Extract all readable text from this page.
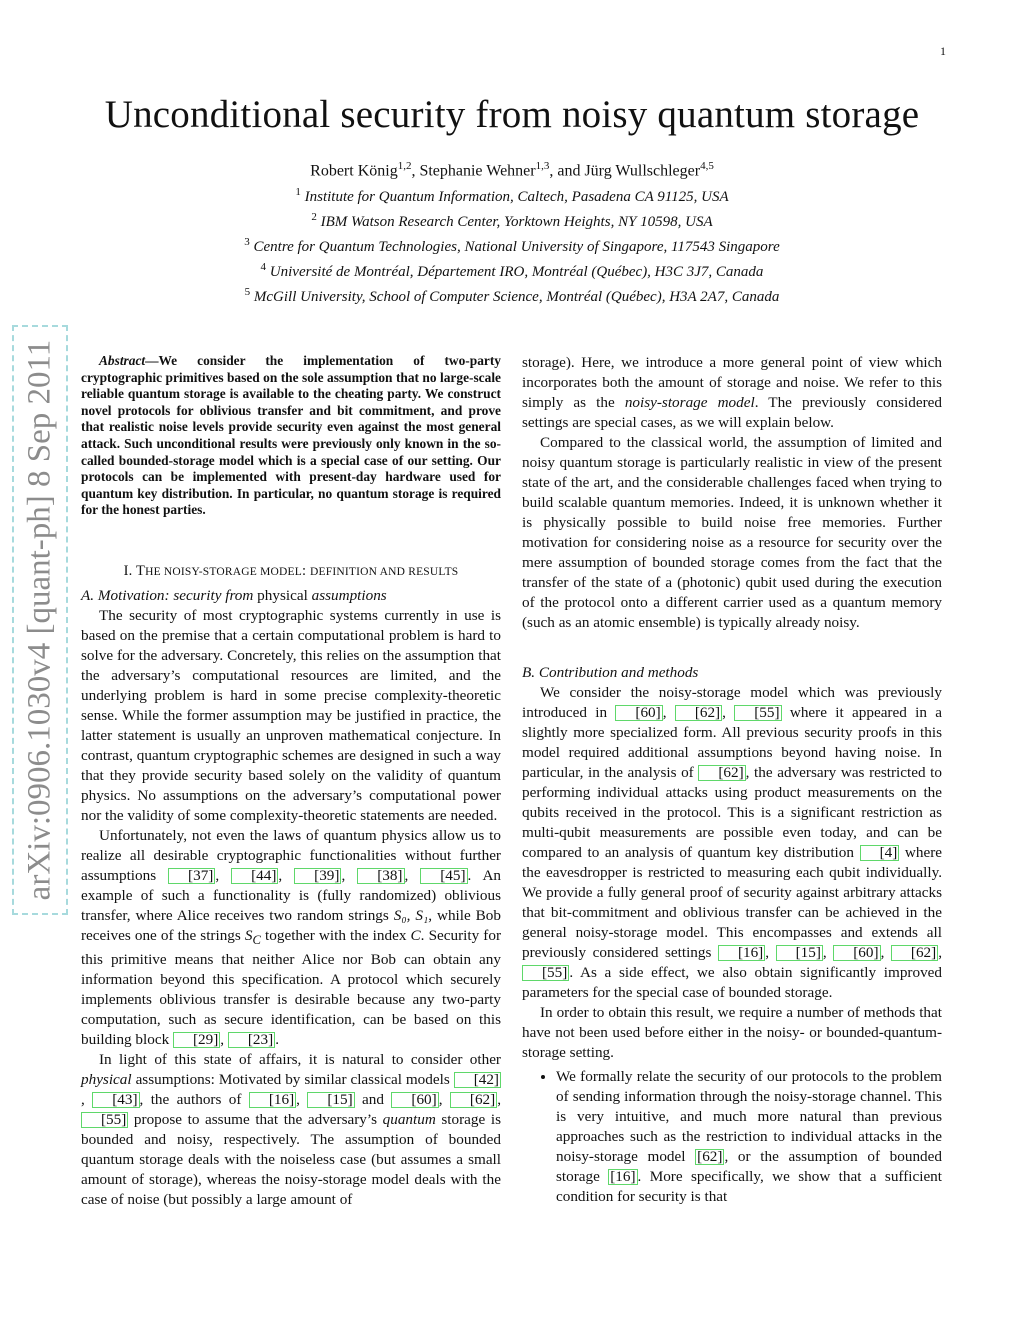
1
Unconditional security from noisy quantum storage
Robert König$^{1,2}$, Stephanie Wehner$^{1,3}$, and Jürg Wullschleger$^{4,5}$
$^1$ Institute for Quantum Information, Caltech, Pasadena CA 91125, USA
$^2$ IBM Watson Research Center, Yorktown Heights, NY 10598, USA
$^3$ Centre for Quantum Technologies, National University of Singapore, 117543 Singapore
$^4$ Université de Montréal, Département IRO, Montréal (Québec), H3C 3J7, Canada
$^5$ McGill University, School of Computer Science, Montréal (Québec), H3A 2A7, Canada
arXiv:0906.1030v4 [quant-ph] 8 Sep 2011	Abstract—We consider the implementation of two-party cryptographic primitives based on the sole assumption that no large-scale reliable quantum storage is available to the cheating party. We construct novel protocols for oblivious transfer and bit commitment, and prove that realistic noise levels provide security even against the most general attack. Such unconditional results were previously only known in the so-called bounded-storage model which is a special case of our setting. Our protocols can be implemented with present-day hardware used for quantum key distribution. In particular, no quantum storage is required for the honest parties.

I. THE NOISY-STORAGE MODEL: DEFINITION AND RESULTS

A. Motivation: security from physical assumptions

The security of most cryptographic systems currently in use is based on the premise that a certain computational problem is hard to solve for the adversary. Concretely, this relies on the assumption that the adversary’s computational resources are limited, and the underlying problem is hard in some precise complexity-theoretic sense. While the former assumption may be justified in practice, the latter statement is usually an unproven mathematical conjecture. In contrast, quantum cryptographic schemes are designed in such a way that they provide security based solely on the validity of quantum physics. No assumptions on the adversary’s computational power nor the validity of some complexity-theoretic statements are needed.

Unfortunately, not even the laws of quantum physics allow us to realize all desirable cryptographic functionalities without further assumptions [37] , [44] , [39] , [38] , [45] . An example of such a functionality is (fully randomized) oblivious transfer, where Alice receives two random strings S₀, S₁, while Bob receives one of the strings $S_C$ together with the index C. Security for this primitive means that neither Alice nor Bob can obtain any information beyond this specification. A protocol which securely implements oblivious transfer is desirable because any two-party computation, such as secure identification, can be based on this building block [29] , [23] .

In light of this state of affairs, it is natural to consider other physical assumptions: Motivated by similar classical models [42], [43] , the authors of [16] , [15] and [60] , [62] , [55] propose to assume that the adversary’s quantum storage is bounded and noisy, respectively. The assumption of bounded quantum storage deals with the noiseless case (but assumes a small amount of storage), whereas the noisy-storage model deals with the case of noise (but possibly a large amount of

storage). Here, we introduce a more general point of view which incorporates both the amount of storage and noise. We refer to this simply as the noisy-storage model. The previously considered settings are special cases, as we will explain below.

Compared to the classical world, the assumption of limited and noisy quantum storage is particularly realistic in view of the present state of the art, and the considerable challenges faced when trying to build scalable quantum memories. Indeed, it is unknown whether it is physically possible to build noise free memories. Further motivation for considering noise as a resource for security over the mere assumption of bounded storage comes from the fact that the transfer of the state of a (photonic) qubit used during the execution of the protocol onto a different carrier used as a quantum memory (such as an atomic ensemble) is typically already noisy.

B. Contribution and methods

We consider the noisy-storage model which was previously introduced in [60] , [62] , [55] where it appeared in a slightly more specialized form. All previous security proofs in this model required additional assumptions beyond having noise. In particular, in the analysis of [62] , the adversary was restricted to performing individual attacks using product measurements on the qubits received in the protocol. This is a significant restriction as multi-qubit measurements are possible even today, and can be compared to an analysis of quantum key distribution [4] where the eavesdropper is restricted to measuring each qubit individually. We provide a fully general proof of security against arbitrary attacks that bit-commitment and oblivious transfer can be achieved in the general noisy-storage model. This encompasses and extends all previously considered settings [16] , [15] , [60] , [62] , [55] . As a side effect, we also obtain significantly improved parameters for the special case of bounded storage.

In order to obtain this result, we require a number of methods that have not been used before either in the noisy- or bounded-quantum-storage setting.

• We formally relate the security of our protocols to the problem of sending information through the noisy-storage channel. This is very intuitive, and much more natural than previous approaches such as the restriction to individual attacks in the noisy-storage model [62] , or the assumption of bounded storage [16] . More specifically, we show that a sufficient condition for security is that
